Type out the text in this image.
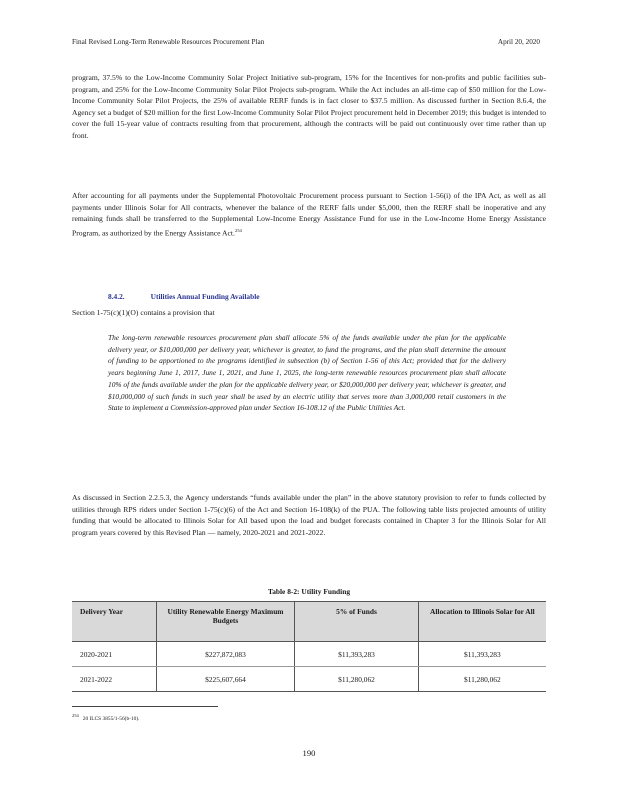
Final Revised Long-Term Renewable Resources Procurement Plan	April 20, 2020

program, 37.5% to the Low-Income Community Solar Project Initiative sub-program, 15% for the Incentives for non-profits and public facilities sub-program, and 25% for the Low-Income Community Solar Pilot Projects sub-program. While the Act includes an all-time cap of $50 million for the Low-Income Community Solar Pilot Projects, the 25% of available RERF funds is in fact closer to $37.5 million. As discussed further in Section 8.6.4, the Agency set a budget of $20 million for the first Low-Income Community Solar Pilot Project procurement held in December 2019; this budget is intended to cover the full 15-year value of contracts resulting from that procurement, although the contracts will be paid out continuously over time rather than up front.

After accounting for all payments under the Supplemental Photovoltaic Procurement process pursuant to Section 1-56(i) of the IPA Act, as well as all payments under Illinois Solar for All contracts, whenever the balance of the RERF falls under $5,000, then the RERF shall be inoperative and any remaining funds shall be transferred to the Supplemental Low-Income Energy Assistance Fund for use in the Low-Income Home Energy Assistance Program, as authorized by the Energy Assistance Act.$^{254}$

8.4.2.	Utilities Annual Funding Available
Section 1-75(c)(1)(O) contains a provision that

The long-term renewable resources procurement plan shall allocate 5% of the funds available under the plan for the applicable delivery year, or $10,000,000 per delivery year, whichever is greater, to fund the programs, and the plan shall determine the amount of funding to be apportioned to the programs identified in subsection (b) of Section 1-56 of this Act; provided that for the delivery years beginning June 1, 2017, June 1, 2021, and June 1, 2025, the long-term renewable resources procurement plan shall allocate 10% of the funds available under the plan for the applicable delivery year, or $20,000,000 per delivery year, whichever is greater, and $10,000,000 of such funds in such year shall be used by an electric utility that serves more than 3,000,000 retail customers in the State to implement a Commission-approved plan under Section 16-108.12 of the Public Utilities Act.

As discussed in Section 2.2.5.3, the Agency understands “funds available under the plan” in the above statutory provision to refer to funds collected by utilities through RPS riders under Section 1-75(c)(6) of the Act and Section 16-108(k) of the PUA. The following table lists projected amounts of utility funding that would be allocated to Illinois Solar for All based upon the load and budget forecasts contained in Chapter 3 for the Illinois Solar for All program years covered by this Revised Plan — namely, 2020-2021 and 2021-2022.

Table 8-2: Utility Funding
Delivery Year	Utility Renewable Energy Maximum Budgets	5% of Funds	Allocation to Illinois Solar for All
2020-2021	$227,872,083	$11,393,283	$11,393,283
2021-2022	$225,607,664	$11,280,062	$11,280,062
$^{254}$20 ILCS 3855/1-56(b-10).
190
